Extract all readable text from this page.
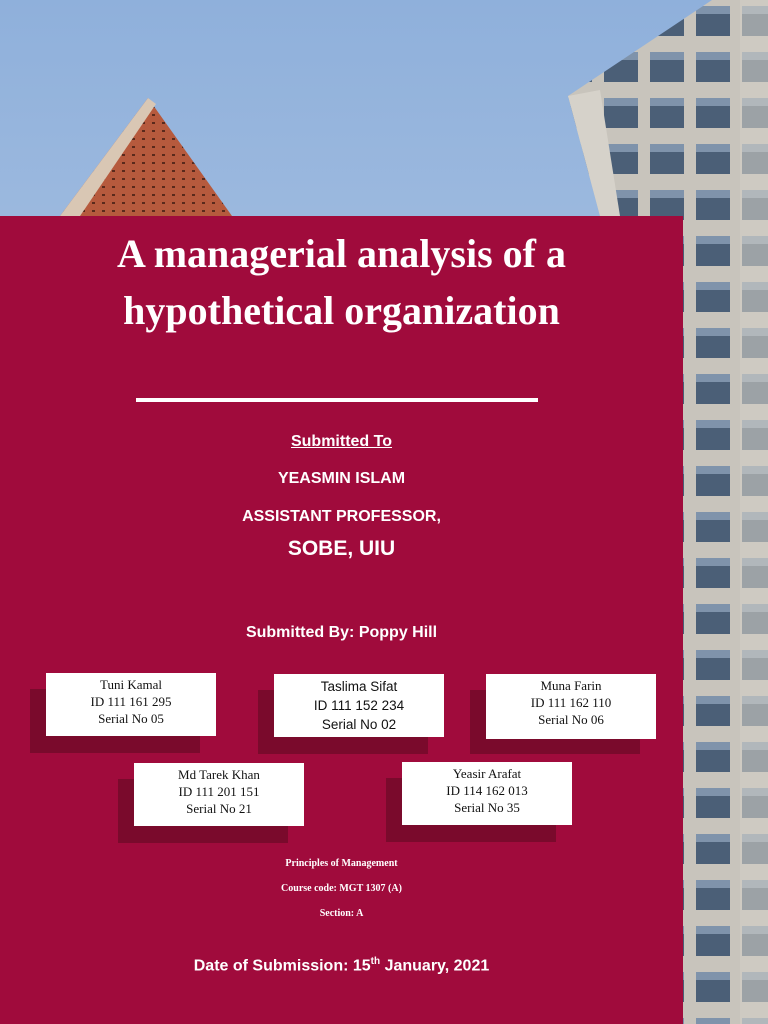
A managerial analysis of a
hypothetical organization
Submitted To
YEASMIN ISLAM
ASSISTANT PROFESSOR,
SOBE, UIU
Submitted By: Poppy Hill
Tuni Kamal
ID 111 161 295
Serial No 05
Taslima Sifat
ID 111 152 234
Serial No 02
Muna Farin
ID 111 162 110
Serial No 06
Md Tarek Khan
ID 111 201 151
Serial No 21
Yeasir Arafat
ID 114 162 013
Serial No 35
Principles of Management
Course code: MGT 1307 (A)
Section: A
Date of Submission: 15th January, 2021
